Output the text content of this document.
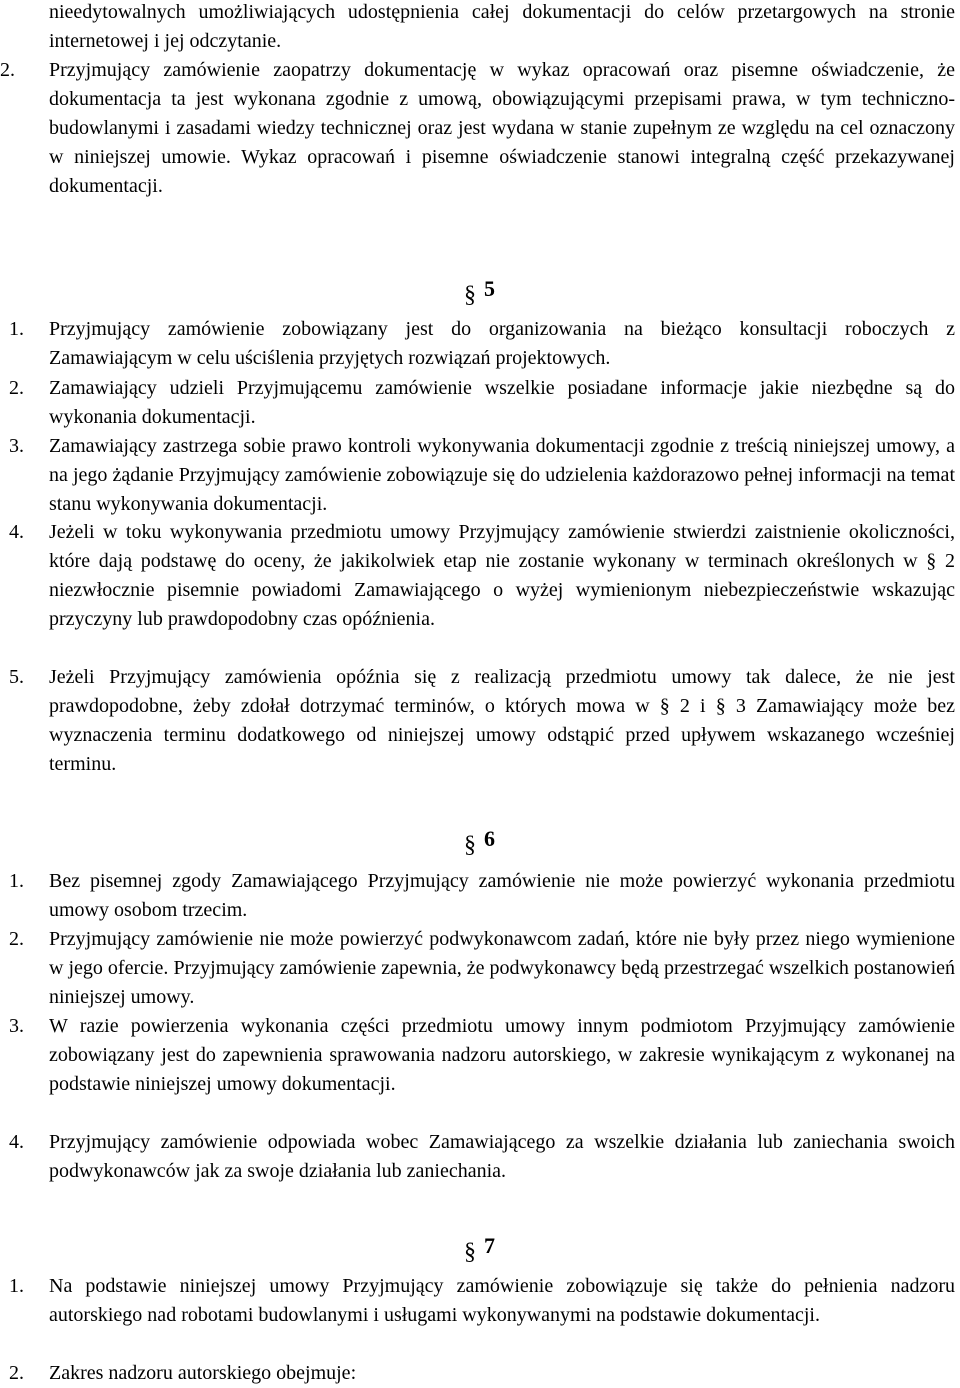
nieedytowalnych umożliwiających udostępnienia całej dokumentacji do celów przetargowych na stronie internetowej i jej odczytanie.
2.	Przyjmujący zamówienie zaopatrzy dokumentację w wykaz opracowań oraz pisemne oświadczenie, że dokumentacja ta jest wykonana zgodnie z umową, obowiązującymi przepisami prawa, w tym techniczno-budowlanymi i zasadami wiedzy technicznej oraz jest wydana w stanie zupełnym ze względu na cel oznaczony w niniejszej umowie. Wykaz opracowań i pisemne oświadczenie stanowi integralną część przekazywanej dokumentacji.
§ 5
1.	Przyjmujący zamówienie zobowiązany jest do organizowania na bieżąco konsultacji roboczych z Zamawiającym w celu uściślenia przyjętych rozwiązań projektowych.
2.	Zamawiający udzieli Przyjmującemu zamówienie wszelkie posiadane informacje jakie niezbędne są do wykonania dokumentacji.
3.	Zamawiający zastrzega sobie prawo kontroli wykonywania dokumentacji zgodnie z treścią niniejszej umowy, a na jego żądanie Przyjmujący zamówienie zobowiązuje się do udzielenia każdorazowo pełnej informacji na temat stanu wykonywania dokumentacji.
4.	Jeżeli w toku wykonywania przedmiotu umowy Przyjmujący zamówienie stwierdzi zaistnienie okoliczności, które dają podstawę do oceny, że jakikolwiek etap nie zostanie wykonany w terminach określonych w § 2 niezwłocznie pisemnie powiadomi Zamawiającego o wyżej wymienionym niebezpieczeństwie wskazując przyczyny lub prawdopodobny czas opóźnienia.
5.	Jeżeli Przyjmujący zamówienia opóźnia się z realizacją przedmiotu umowy tak dalece, że nie jest prawdopodobne, żeby zdołał dotrzymać terminów, o których mowa w § 2 i § 3 Zamawiający może bez wyznaczenia terminu dodatkowego od niniejszej umowy odstąpić przed upływem wskazanego wcześniej terminu.
§ 6
1.	Bez pisemnej zgody Zamawiającego Przyjmujący zamówienie nie może powierzyć wykonania przedmiotu umowy osobom trzecim.
2.	Przyjmujący zamówienie nie może powierzyć podwykonawcom zadań, które nie były przez niego wymienione w jego ofercie. Przyjmujący zamówienie zapewnia, że podwykonawcy będą przestrzegać wszelkich postanowień niniejszej umowy.
3.	W razie powierzenia wykonania części przedmiotu umowy innym podmiotom Przyjmujący zamówienie zobowiązany jest do zapewnienia sprawowania nadzoru autorskiego, w zakresie wynikającym z wykonanej na podstawie niniejszej umowy dokumentacji.
4.	Przyjmujący zamówienie odpowiada wobec Zamawiającego za wszelkie działania lub zaniechania swoich podwykonawców jak za swoje działania lub zaniechania.
§ 7
1.	Na podstawie niniejszej umowy Przyjmujący zamówienie zobowiązuje się także do pełnienia nadzoru autorskiego nad robotami budowlanymi i usługami wykonywanymi na podstawie dokumentacji.
2.	Zakres nadzoru autorskiego obejmuje:
